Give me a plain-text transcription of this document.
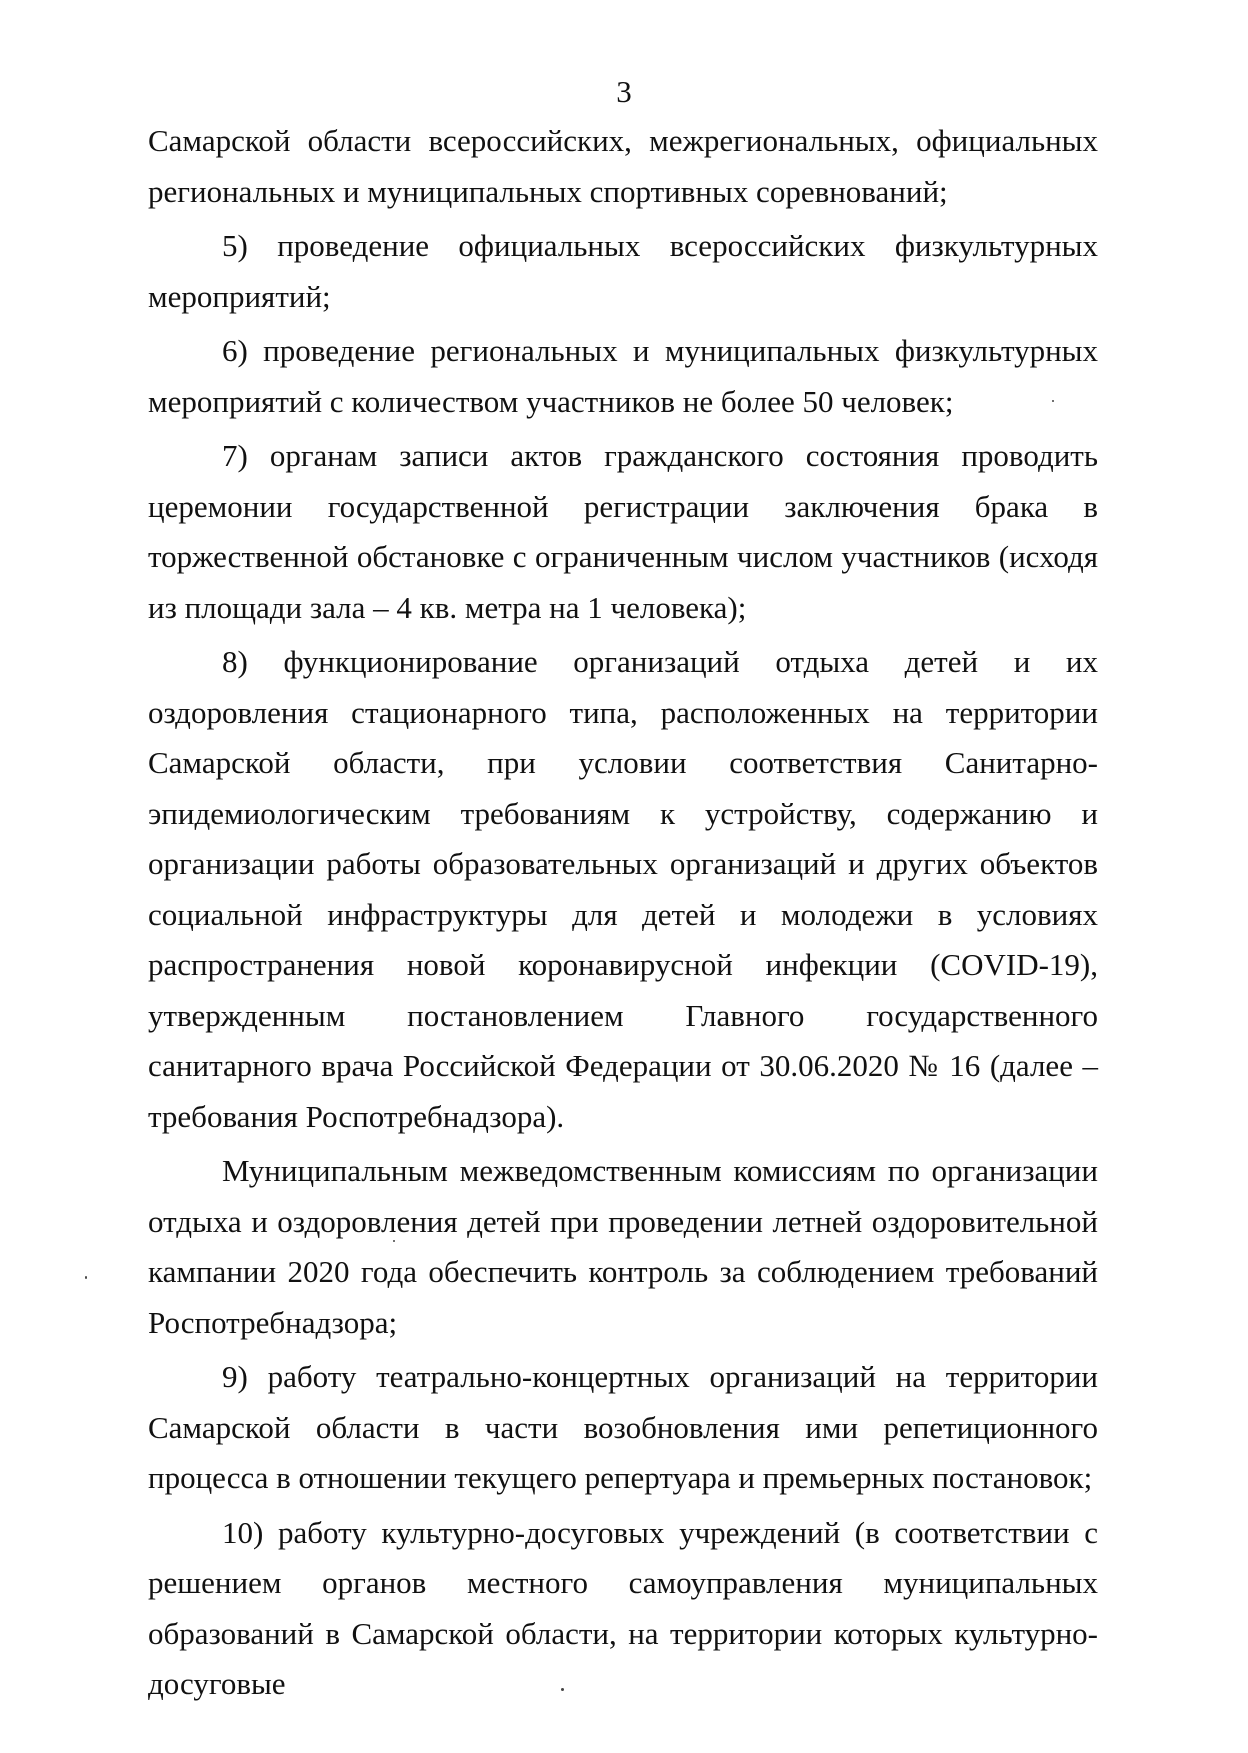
3

Самарской области всероссийских, межрегиональных, официальных региональных и муниципальных спортивных соревнований;

5) проведение официальных всероссийских физкультурных мероприятий;

6) проведение региональных и муниципальных физкультурных мероприятий с количеством участников не более 50 человек;

7) органам записи актов гражданского состояния проводить церемонии государственной регистрации заключения брака в торжественной обстановке с ограниченным числом участников (исходя из площади зала – 4 кв. метра на 1 человека);

8) функционирование организаций отдыха детей и их оздоровления стационарного типа, расположенных на территории Самарской области, при условии соответствия Санитарно-эпидемиологическим требованиям к устройству, содержанию и организации работы образовательных организаций и других объектов социальной инфраструктуры для детей и молодежи в условиях распространения новой коронавирусной инфекции (COVID-19), утвержденным постановлением Главного государственного санитарного врача Российской Федерации от 30.06.2020 № 16 (далее – требования Роспотребнадзора).

Муниципальным межведомственным комиссиям по организации отдыха и оздоровления детей при проведении летней оздоровительной кампании 2020 года обеспечить контроль за соблюдением требований Роспотребнадзора;

9) работу театрально-концертных организаций на территории Самарской области в части возобновления ими репетиционного процесса в отношении текущего репертуара и премьерных постановок;

10) работу культурно-досуговых учреждений (в соответствии с решением органов местного самоуправления муниципальных образований в Самарской области, на территории которых культурно-досуговые
